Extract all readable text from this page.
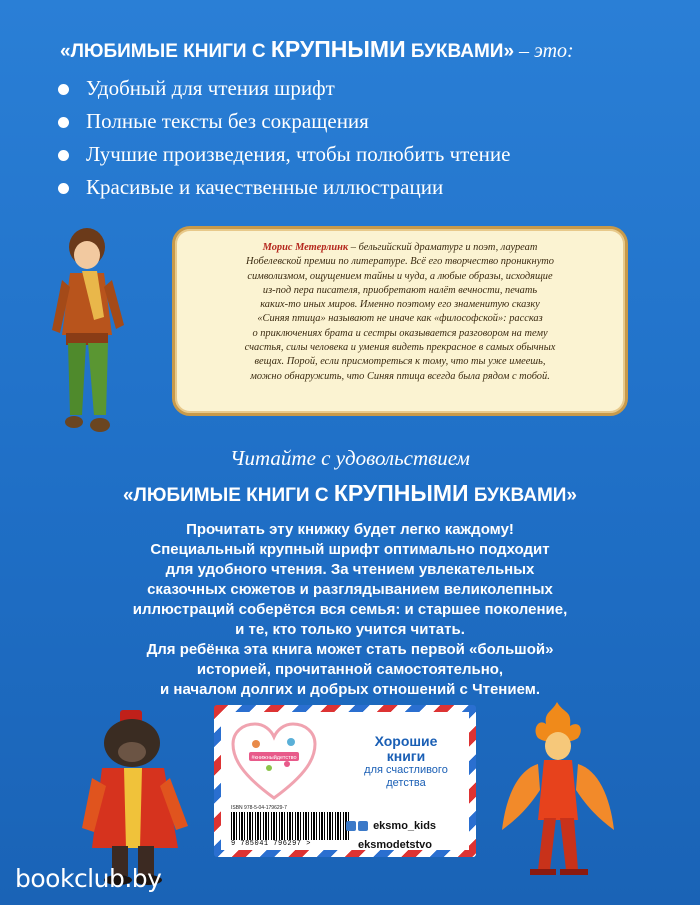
«ЛЮБИМЫЕ КНИГИ С КРУПНЫМИ БУКВАМИ» – это:
Удобный для чтения шрифт
Полные тексты без сокращения
Лучшие произведения, чтобы полюбить чтение
Красивые и качественные иллюстрации

Морис Метерлинк – бельгийский драматург и поэт, лауреат
Нобелевской премии по литературе. Всё его творчество проникнуто
символизмом, ощущением тайны и чуда, а любые образы, исходящие
из-под пера писателя, приобретают налёт вечности, печать
каких-то иных миров. Именно поэтому его знаменитую сказку
«Синяя птица» называют не иначе как «философской»: рассказ
о приключениях брата и сестры оказывается разговором на тему
счастья, силы человека и умения видеть прекрасное в самых обычных
вещах. Порой, если присмотреться к тому, что ты уже имеешь,
можно обнаружить, что Синяя птица всегда была рядом с тобой.

Читайте с удовольствием
«ЛЮБИМЫЕ КНИГИ С КРУПНЫМИ БУКВАМИ»
Прочитать эту книжку будет легко каждому!
Специальный крупный шрифт оптимально подходит
для удобного чтения. За чтением увлекательных
сказочных сюжетов и разглядыванием великолепных
иллюстраций соберётся вся семья: и старшее поколение,
и те, кто только учится читать.
Для ребёнка эта книга может стать первой «большой»
историей, прочитанной самостоятельно,
и началом долгих и добрых отношений с Чтением.
#книжныйдетство
ISBN 978-5-04-179629-7
9 785041 796297 >
Хорошие
книги
для счастливого
детства
eksmo_kids
eksmodetstvo
bookclub.by
